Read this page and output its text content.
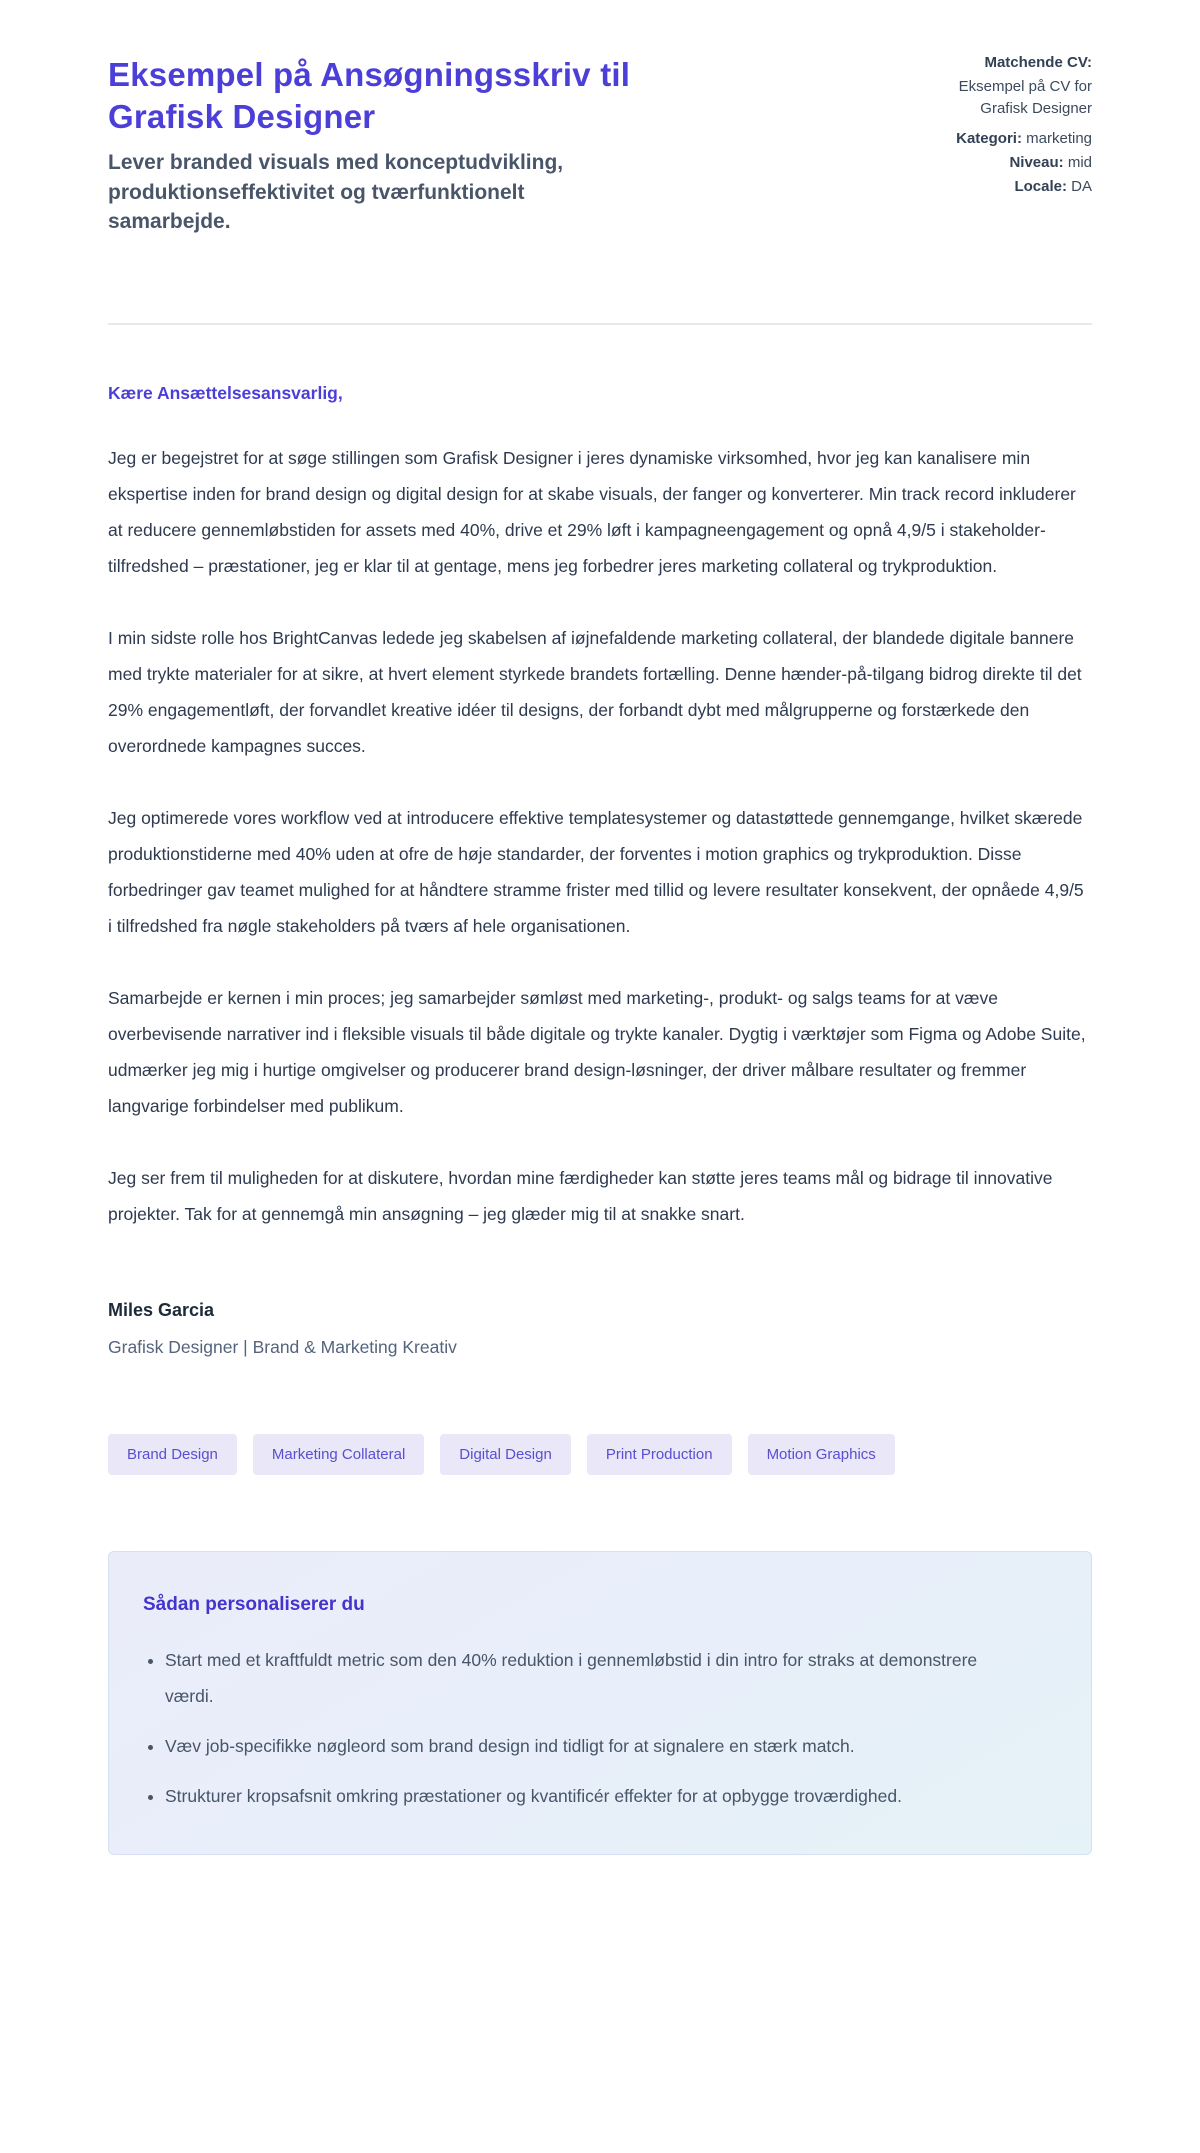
Eksempel på Ansøgningsskriv til Grafisk Designer

Lever branded visuals med konceptudvikling, produktionseffektivitet og tværfunktionelt samarbejde.

Matchende CV:
Eksempel på CV for Grafisk Designer
Kategori: marketing
Niveau: mid
Locale: DA

Kære Ansættelsesansvarlig,

Jeg er begejstret for at søge stillingen som Grafisk Designer i jeres dynamiske virksomhed, hvor jeg kan kanalisere min ekspertise inden for brand design og digital design for at skabe visuals, der fanger og konverterer. Min track record inkluderer at reducere gennemløbstiden for assets med 40%, drive et 29% løft i kampagneengagement og opnå 4,9/5 i stakeholder-tilfredshed – præstationer, jeg er klar til at gentage, mens jeg forbedrer jeres marketing collateral og trykproduktion.

I min sidste rolle hos BrightCanvas ledede jeg skabelsen af iøjnefaldende marketing collateral, der blandede digitale bannere med trykte materialer for at sikre, at hvert element styrkede brandets fortælling. Denne hænder-på-tilgang bidrog direkte til det 29% engagementløft, der forvandlet kreative idéer til designs, der forbandt dybt med målgrupperne og forstærkede den overordnede kampagnes succes.

Jeg optimerede vores workflow ved at introducere effektive templatesystemer og datastøttede gennemgange, hvilket skærede produktionstiderne med 40% uden at ofre de høje standarder, der forventes i motion graphics og trykproduktion. Disse forbedringer gav teamet mulighed for at håndtere stramme frister med tillid og levere resultater konsekvent, der opnåede 4,9/5 i tilfredshed fra nøgle stakeholders på tværs af hele organisationen.

Samarbejde er kernen i min proces; jeg samarbejder sømløst med marketing-, produkt- og salgs teams for at væve overbevisende narrativer ind i fleksible visuals til både digitale og trykte kanaler. Dygtig i værktøjer som Figma og Adobe Suite, udmærker jeg mig i hurtige omgivelser og producerer brand design-løsninger, der driver målbare resultater og fremmer langvarige forbindelser med publikum.

Jeg ser frem til muligheden for at diskutere, hvordan mine færdigheder kan støtte jeres teams mål og bidrage til innovative projekter. Tak for at gennemgå min ansøgning – jeg glæder mig til at snakke snart.

Miles Garcia

Grafisk Designer | Brand & Marketing Kreativ

Brand Design	Marketing Collateral	Digital Design	Print Production	Motion Graphics
Sådan personaliserer du
• Start med et kraftfuldt metric som den 40% reduktion i gennemløbstid i din intro for straks at demonstrere værdi.
• Væv job-specifikke nøgleord som brand design ind tidligt for at signalere en stærk match.
• Strukturer kropsafsnit omkring præstationer og kvantificér effekter for at opbygge troværdighed.
